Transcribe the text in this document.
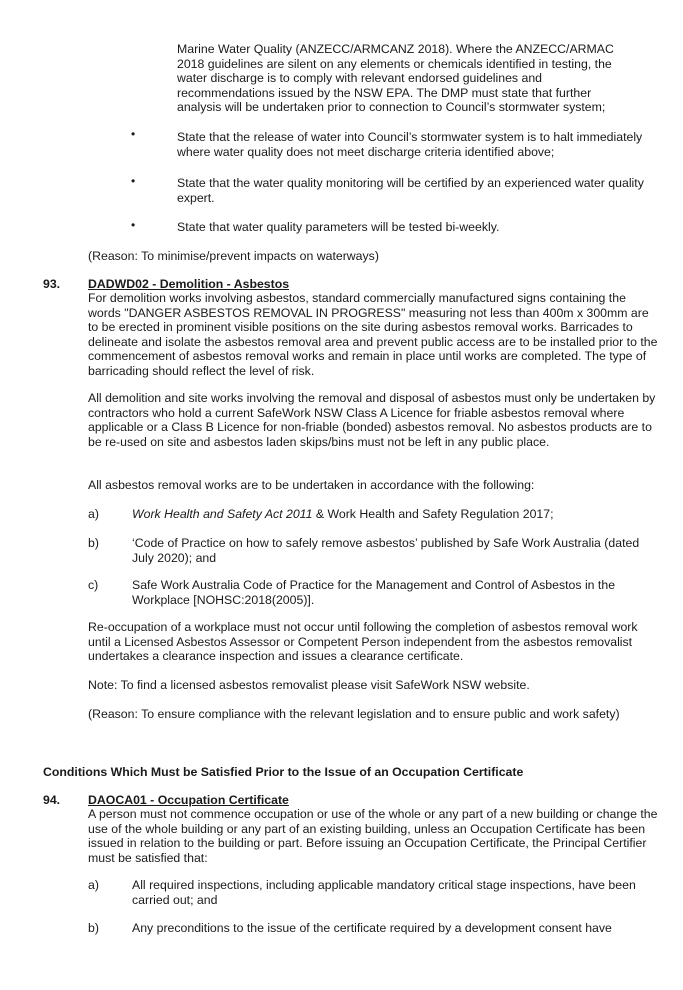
Marine Water Quality (ANZECC/ARMCANZ 2018). Where the ANZECC/ARMAC 2018 guidelines are silent on any elements or chemicals identified in testing, the water discharge is to comply with relevant endorsed guidelines and recommendations issued by the NSW EPA. The DMP must state that further analysis will be undertaken prior to connection to Council’s stormwater system;

•	State that the release of water into Council’s stormwater system is to halt immediately where water quality does not meet discharge criteria identified above;

•	State that the water quality monitoring will be certified by an experienced water quality expert.

•	State that water quality parameters will be tested bi-weekly.

(Reason: To minimise/prevent impacts on waterways)

93. DADWD02 - Demolition - Asbestos

For demolition works involving asbestos, standard commercially manufactured signs containing the words "DANGER ASBESTOS REMOVAL IN PROGRESS" measuring not less than 400m x 300mm are to be erected in prominent visible positions on the site during asbestos removal works. Barricades to delineate and isolate the asbestos removal area and prevent public access are to be installed prior to the commencement of asbestos removal works and remain in place until works are completed. The type of barricading should reflect the level of risk.

All demolition and site works involving the removal and disposal of asbestos must only be undertaken by contractors who hold a current SafeWork NSW Class A Licence for friable asbestos removal where applicable or a Class B Licence for non-friable (bonded) asbestos removal. No asbestos products are to be re-used on site and asbestos laden skips/bins must not be left in any public place.

All asbestos removal works are to be undertaken in accordance with the following:

a)	Work Health and Safety Act 2011 & Work Health and Safety Regulation 2017;

b)	‘Code of Practice on how to safely remove asbestos’ published by Safe Work Australia (dated July 2020); and

c)	Safe Work Australia Code of Practice for the Management and Control of Asbestos in the Workplace [NOHSC:2018(2005)].

Re-occupation of a workplace must not occur until following the completion of asbestos removal work until a Licensed Asbestos Assessor or Competent Person independent from the asbestos removalist undertakes a clearance inspection and issues a clearance certificate.

Note: To find a licensed asbestos removalist please visit SafeWork NSW website.

(Reason: To ensure compliance with the relevant legislation and to ensure public and work safety)

Conditions Which Must be Satisfied Prior to the Issue of an Occupation Certificate

94. DAOCA01 - Occupation Certificate

A person must not commence occupation or use of the whole or any part of a new building or change the use of the whole building or any part of an existing building, unless an Occupation Certificate has been issued in relation to the building or part. Before issuing an Occupation Certificate, the Principal Certifier must be satisfied that:

a)	All required inspections, including applicable mandatory critical stage inspections, have been carried out; and

b)	Any preconditions to the issue of the certificate required by a development consent have
